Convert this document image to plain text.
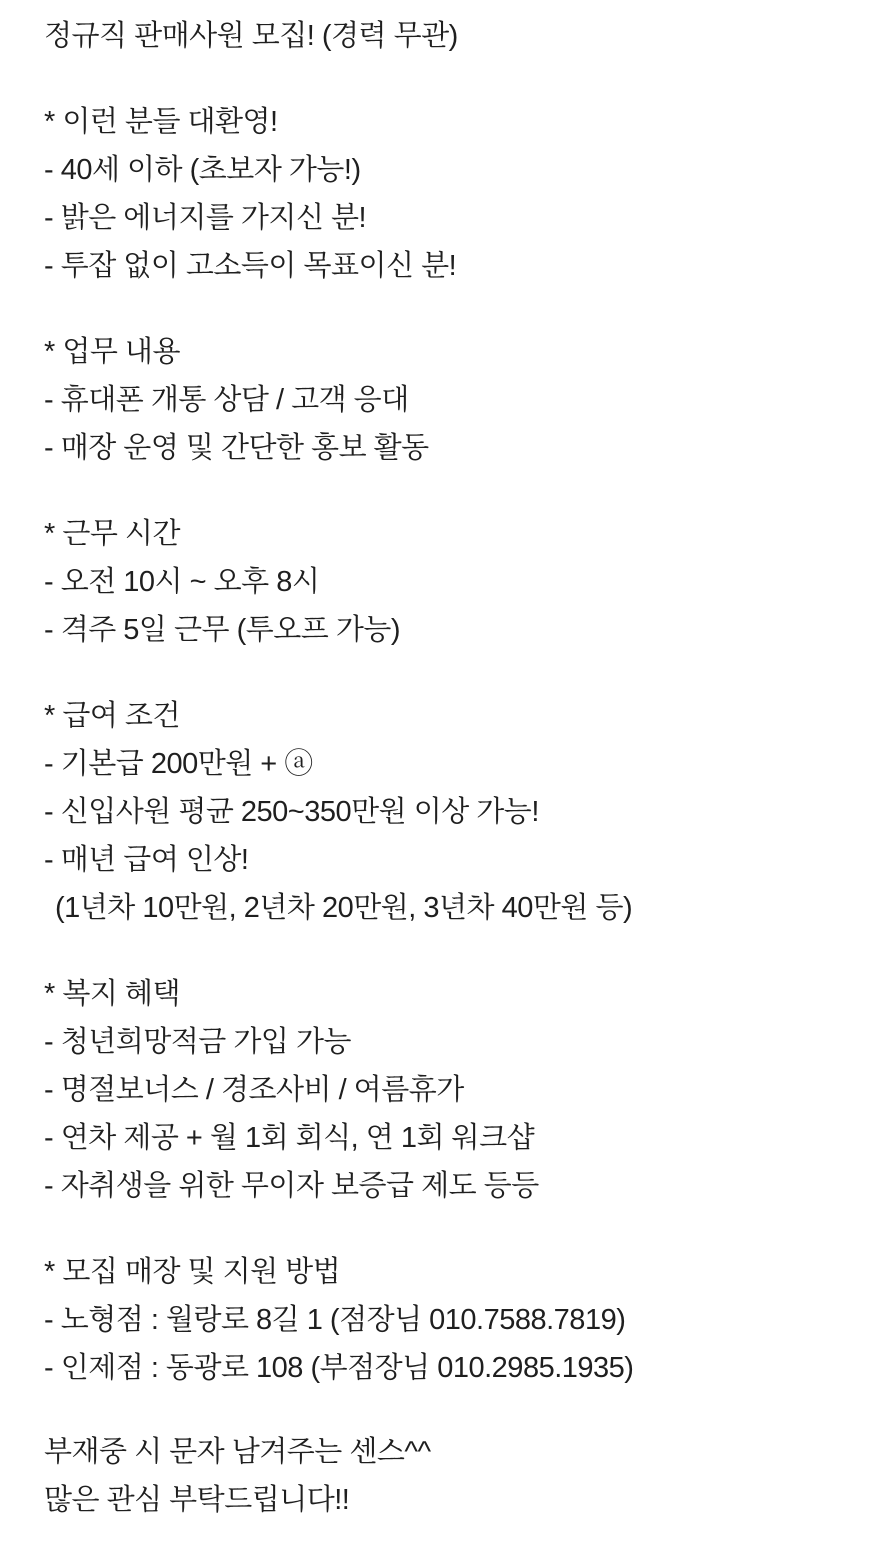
정규직 판매사원 모집! (경력 무관)
* 이런 분들 대환영!
- 40세 이하 (초보자 가능!)
- 밝은 에너지를 가지신 분!
- 투잡 없이 고소득이 목표이신 분!
* 업무 내용
- 휴대폰 개통 상담 / 고객 응대
- 매장 운영 및 간단한 홍보 활동
* 근무 시간
- 오전 10시 ~ 오후 8시
- 격주 5일 근무 (투오프 가능)
* 급여 조건
- 기본급 200만원 + ⓐ
- 신입사원 평균 250~350만원 이상 가능!
- 매년 급여 인상!
(1년차 10만원, 2년차 20만원, 3년차 40만원 등)
* 복지 혜택
- 청년희망적금 가입 가능
- 명절보너스 / 경조사비 / 여름휴가
- 연차 제공 + 월 1회 회식, 연 1회 워크샵
- 자취생을 위한 무이자 보증급 제도 등등
* 모집 매장 및 지원 방법
- 노형점 : 월랑로 8길 1 (점장님 010.7588.7819)
- 인제점 : 동광로 108 (부점장님 010.2985.1935)
부재중 시 문자 남겨주는 센스^^
많은 관심 부탁드립니다!!
